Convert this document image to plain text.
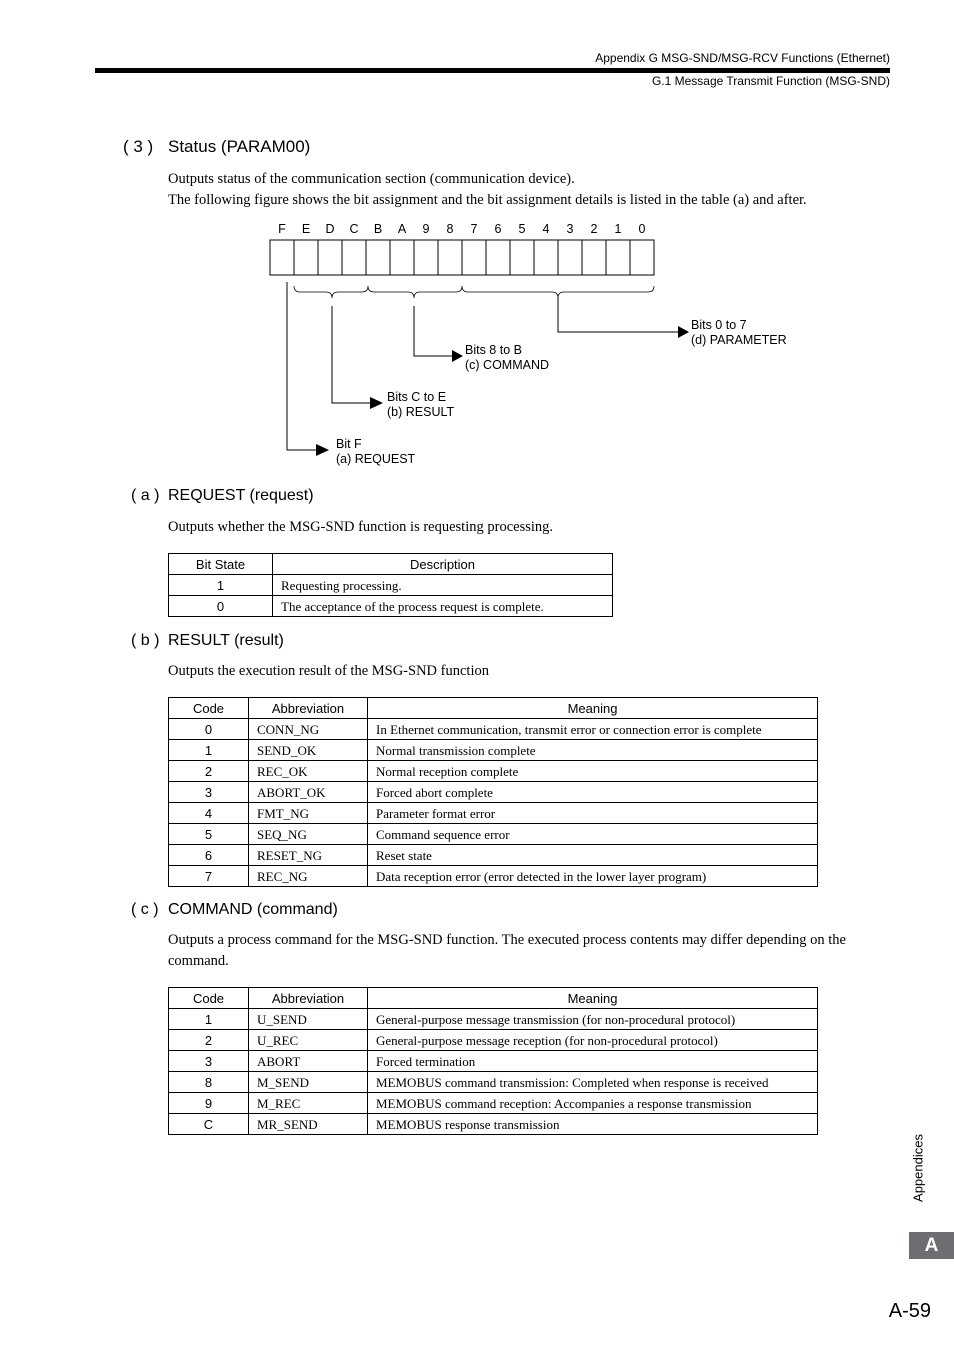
Appendix G MSG-SND/MSG-RCV Functions (Ethernet)
G.1 Message Transmit Function (MSG-SND)
( 3 ) Status (PARAM00)
Outputs status of the communication section (communication device).
The following figure shows the bit assignment and the bit assignment details is listed in the table (a) and after.
F E D C B A 9 8 7 6 5 4 3 2 1 0
Bits 0 to 7
(d) PARAMETER
Bits 8 to B
(c) COMMAND
Bits C to E
(b) RESULT
Bit F
(a) REQUEST
( a ) REQUEST (request)
Outputs whether the MSG-SND function is requesting processing.
Bit State	Description
1	Requesting processing.
0	The acceptance of the process request is complete.
( b ) RESULT (result)
Outputs the execution result of the MSG-SND function
Code	Abbreviation	Meaning
0	CONN_NG	In Ethernet communication, transmit error or connection error is complete
1	SEND_OK	Normal transmission complete
2	REC_OK	Normal reception complete
3	ABORT_OK	Forced abort complete
4	FMT_NG	Parameter format error
5	SEQ_NG	Command sequence error
6	RESET_NG	Reset state
7	REC_NG	Data reception error (error detected in the lower layer program)
( c ) COMMAND (command)
Outputs a process command for the MSG-SND function. The executed process contents may differ depending on the
command.
Code	Abbreviation	Meaning
1	U_SEND	General-purpose message transmission (for non-procedural protocol)
2	U_REC	General-purpose message reception (for non-procedural protocol)
3	ABORT	Forced termination
8	M_SEND	MEMOBUS command transmission: Completed when response is received
9	M_REC	MEMOBUS command reception: Accompanies a response transmission
C	MR_SEND	MEMOBUS response transmission
Appendices
A
A-59
